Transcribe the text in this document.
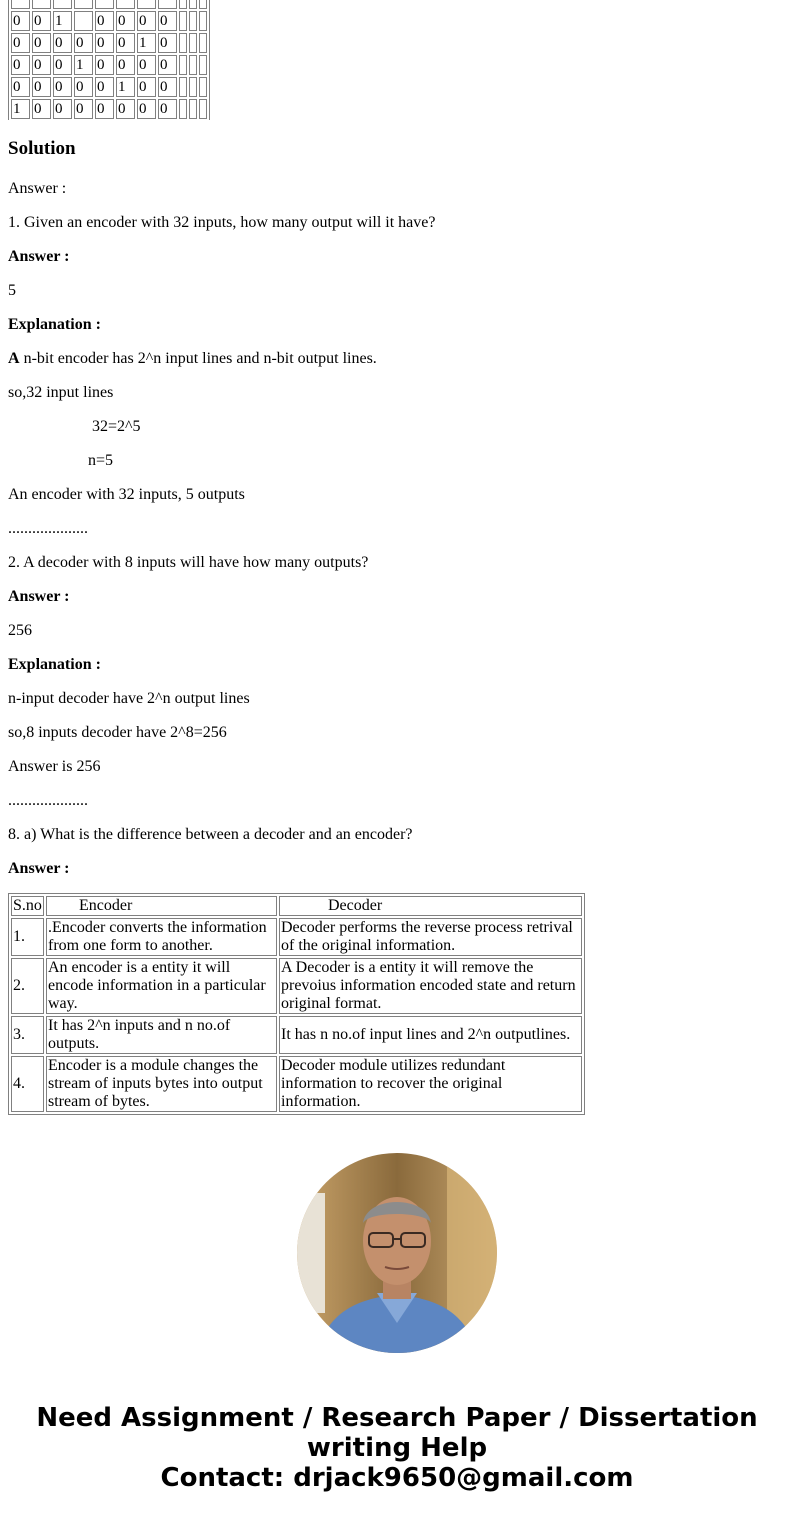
0	0	1		0	0	0	0			
0	0	0	0	0	0	1	0			
0	0	0	1	0	0	0	0			
0	0	0	0	0	1	0	0			
1	0	0	0	0	0	0	0			
Solution
Answer :
1. Given an encoder with 32 inputs, how many output will it have?
Answer :
5
Explanation :
A n-bit encoder has 2^n input lines and n-bit output lines.
so,32 input lines
32=2^5
n=5
An encoder with 32 inputs, 5 outputs
....................
2. A decoder with 8 inputs will have how many outputs?
Answer :
256
Explanation :
n-input decoder have 2^n output lines
so,8 inputs decoder have 2^8=256
Answer is 256
....................
8. a) What is the difference between a decoder and an encoder?
Answer :
S.no	Encoder	Decoder
1.	.Encoder converts the information from one form to another.	Decoder performs the reverse process retrival of the original information.
2.	An encoder is a entity it will encode information in a particular way.	A Decoder is a entity it will remove the prevoius information encoded state and return original format.
3.	It has 2^n inputs and n no.of outputs.	It has n no.of input lines and 2^n outputlines.
4.	Encoder is a module changes the stream of inputs bytes into output stream of bytes.	Decoder module utilizes redundant information to recover the original information.
Need Assignment / Research Paper / Dissertation
writing Help
Contact: drjack9650@gmail.com
